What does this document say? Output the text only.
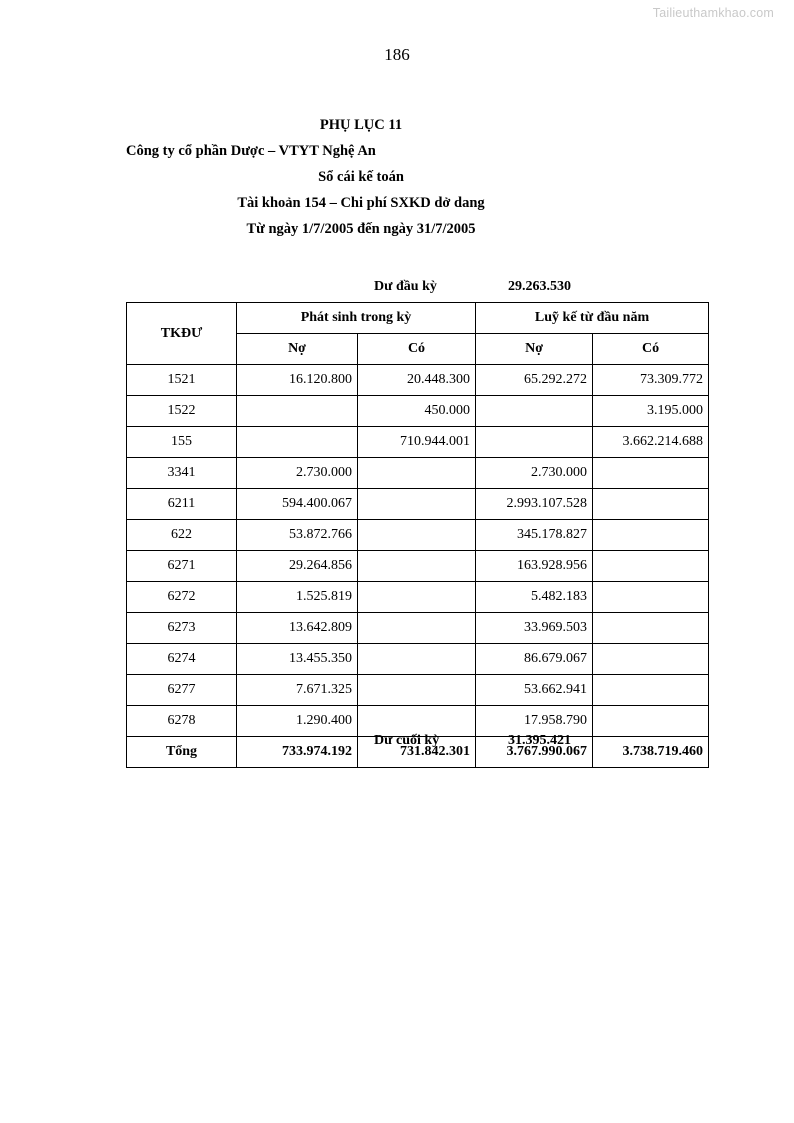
Tailieuthamkhao.com
186
PHỤ LỤC 11
Công ty cổ phần Dược – VTYT Nghệ An
Sổ cái kế toán
Tài khoản 154 – Chi phí SXKD dở dang
Từ ngày 1/7/2005 đến ngày 31/7/2005
Dư đầu kỳ	29.263.530
TKĐƯ	Phát sinh trong kỳ		Luỹ kế từ đầu năm	
	Nợ	Có	Nợ	Có
1521	16.120.800	20.448.300	65.292.272	73.309.772
1522		450.000		3.195.000
155		710.944.001		3.662.214.688
3341	2.730.000		2.730.000	
6211	594.400.067		2.993.107.528	
622	53.872.766		345.178.827	
6271	29.264.856		163.928.956	
6272	1.525.819		5.482.183	
6273	13.642.809		33.969.503	
6274	13.455.350		86.679.067	
6277	7.671.325		53.662.941	
6278	1.290.400		17.958.790	
Tổng	733.974.192	731.842.301	3.767.990.067	3.738.719.460
Dư cuối kỳ	31.395.421
